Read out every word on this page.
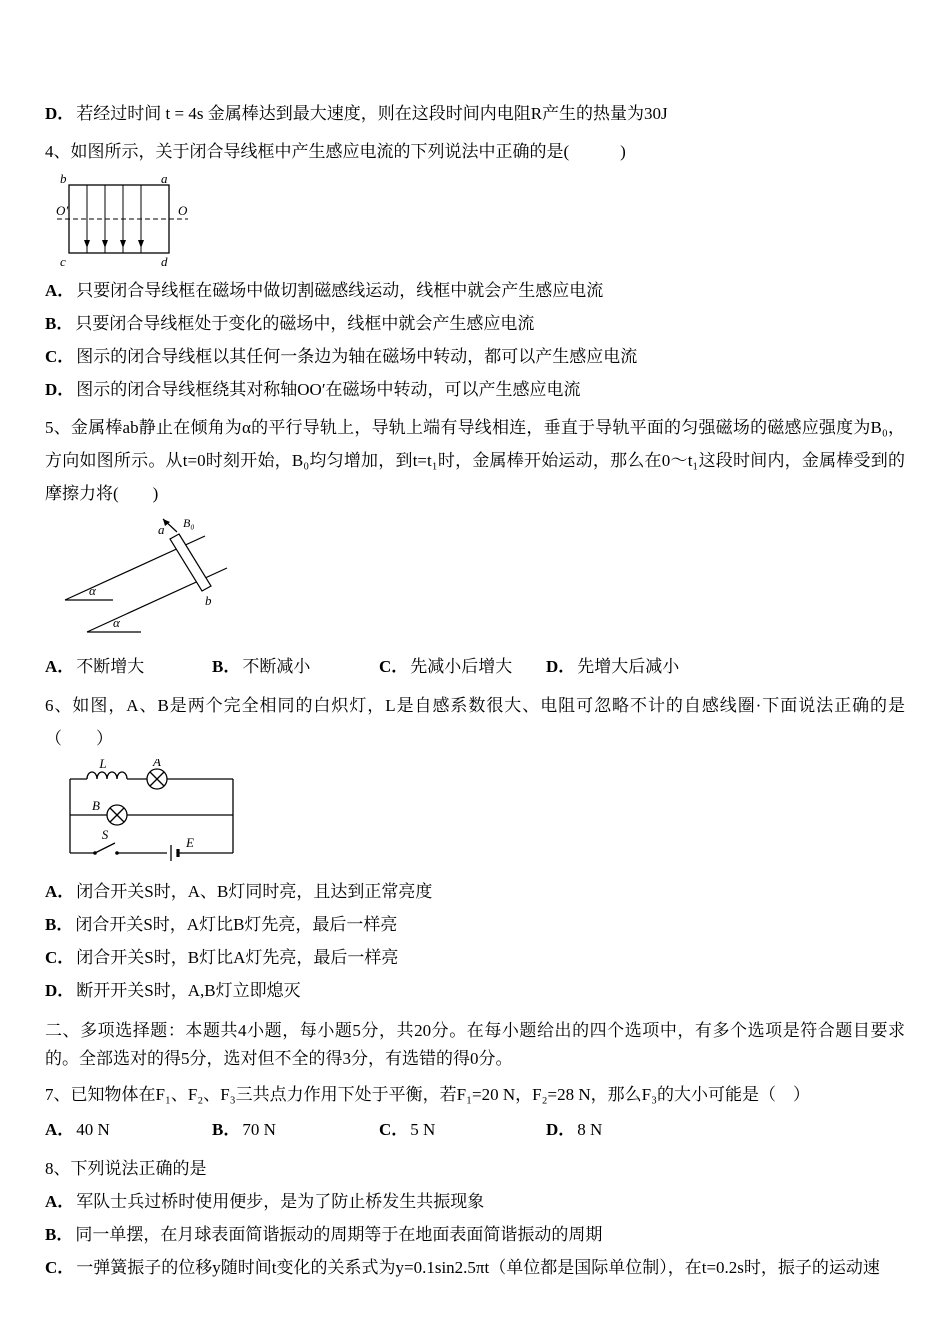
D． 若经过时间 t = 4s 金属棒达到最大速度，则在这段时间内电阻R产生的热量为30J

4、如图所示，关于闭合导线框中产生感应电流的下列说法中正确的是(　　　)

O′	O
b	a
c	d

A． 只要闭合导线框在磁场中做切割磁感线运动，线框中就会产生感应电流

B． 只要闭合导线框处于变化的磁场中，线框中就会产生感应电流

C． 图示的闭合导线框以其任何一条边为轴在磁场中转动，都可以产生感应电流

D． 图示的闭合导线框绕其对称轴OO′在磁场中转动，可以产生感应电流

5、金属棒ab静止在倾角为α的平行导轨上，导轨上端有导线相连，垂直于导轨平面的匀强磁场的磁感应强度为B₀，方向如图所示。从t=0时刻开始，B₀均匀增加，到t=t₁时，金属棒开始运动，那么在0～t₁这段时间内，金属棒受到的摩擦力将(　　)

α
α
a
b
B₀
A． 不断增大	B． 不断减小	C． 先减小后增大	D． 先增大后减小

6、如图，A、B是两个完全相同的白炽灯，L是自感系数很大、电阻可忽略不计的自感线圈·下面说法正确的是（　　）

L	A
B
S
E

A． 闭合开关S时，A、B灯同时亮，且达到正常亮度

B． 闭合开关S时，A灯比B灯先亮，最后一样亮

C． 闭合开关S时，B灯比A灯先亮，最后一样亮

D． 断开开关S时，A,B灯立即熄灭

二、多项选择题：本题共4小题，每小题5分，共20分。在每小题给出的四个选项中，有多个选项是符合题目要求的。全部选对的得5分，选对但不全的得3分，有选错的得0分。

7、已知物体在F₁、F₂、F₃三共点力作用下处于平衡，若F₁=20 N，F₂=28 N，那么F₃的大小可能是（　）

A． 40 N	B． 70 N	C． 5 N	D． 8 N

8、下列说法正确的是

A． 军队士兵过桥时使用便步，是为了防止桥发生共振现象

B． 同一单摆，在月球表面简谐振动的周期等于在地面表面简谐振动的周期

C． 一弹簧振子的位移y随时间t变化的关系式为y=0.1sin2.5πt（单位都是国际单位制），在t=0.2s时，振子的运动速
